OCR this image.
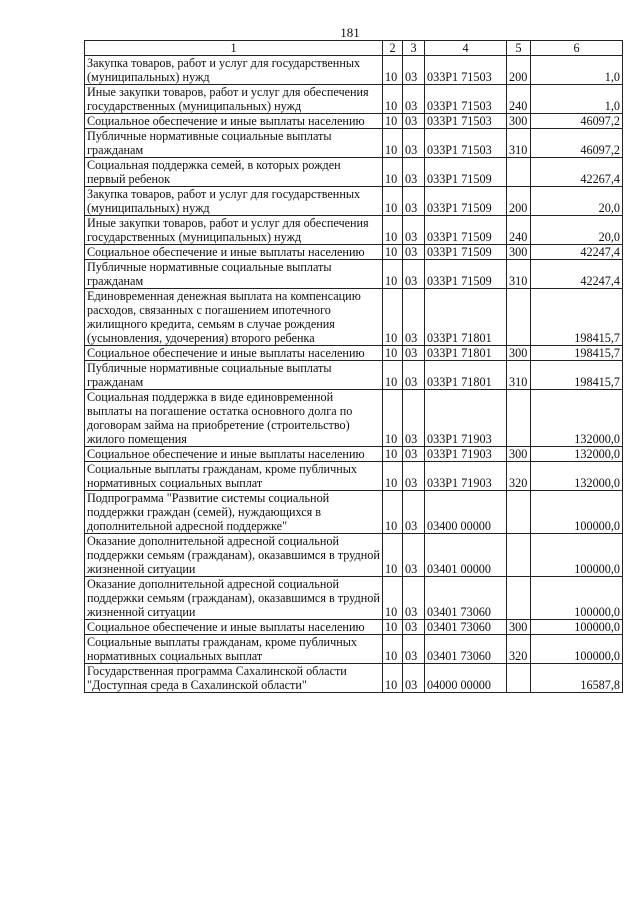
181
1	2	3	4	5	6
Закупка товаров, работ и услуг для государственных (муниципальных) нужд	10	03	033Р1 71503	200	1,0
Иные закупки товаров, работ и услуг для обеспечения государственных (муниципальных) нужд	10	03	033Р1 71503	240	1,0
Социальное обеспечение и иные выплаты населению	10	03	033Р1 71503	300	46097,2
Публичные нормативные социальные выплаты гражданам	10	03	033Р1 71503	310	46097,2
Социальная поддержка семей, в которых рожден первый ребенок	10	03	033Р1 71509		42267,4
Закупка товаров, работ и услуг для государственных (муниципальных) нужд	10	03	033Р1 71509	200	20,0
Иные закупки товаров, работ и услуг для обеспечения государственных (муниципальных) нужд	10	03	033Р1 71509	240	20,0
Социальное обеспечение и иные выплаты населению	10	03	033Р1 71509	300	42247,4
Публичные нормативные социальные выплаты гражданам	10	03	033Р1 71509	310	42247,4
Единовременная денежная выплата на компенсацию расходов, связанных с погашением ипотечного жилищного кредита, семьям в случае рождения (усыновления, удочерения) второго ребенка	10	03	033Р1 71801		198415,7
Социальное обеспечение и иные выплаты населению	10	03	033Р1 71801	300	198415,7
Публичные нормативные социальные выплаты гражданам	10	03	033Р1 71801	310	198415,7
Социальная поддержка в виде единовременной выплаты на погашение остатка основного долга по договорам займа на приобретение (строительство) жилого помещения	10	03	033Р1 71903		132000,0
Социальное обеспечение и иные выплаты населению	10	03	033Р1 71903	300	132000,0
Социальные выплаты гражданам, кроме публичных нормативных социальных выплат	10	03	033Р1 71903	320	132000,0
Подпрограмма "Развитие системы социальной поддержки граждан (семей), нуждающихся в дополнительной адресной поддержке"	10	03	03400 00000		100000,0
Оказание дополнительной адресной социальной поддержки семьям (гражданам), оказавшимся в трудной жизненной ситуации	10	03	03401 00000		100000,0
Оказание дополнительной адресной социальной поддержки семьям (гражданам), оказавшимся в трудной жизненной ситуации	10	03	03401 73060		100000,0
Социальное обеспечение и иные выплаты населению	10	03	03401 73060	300	100000,0
Социальные выплаты гражданам, кроме публичных нормативных социальных выплат	10	03	03401 73060	320	100000,0
Государственная программа Сахалинской области "Доступная среда в Сахалинской области"	10	03	04000 00000		16587,8
